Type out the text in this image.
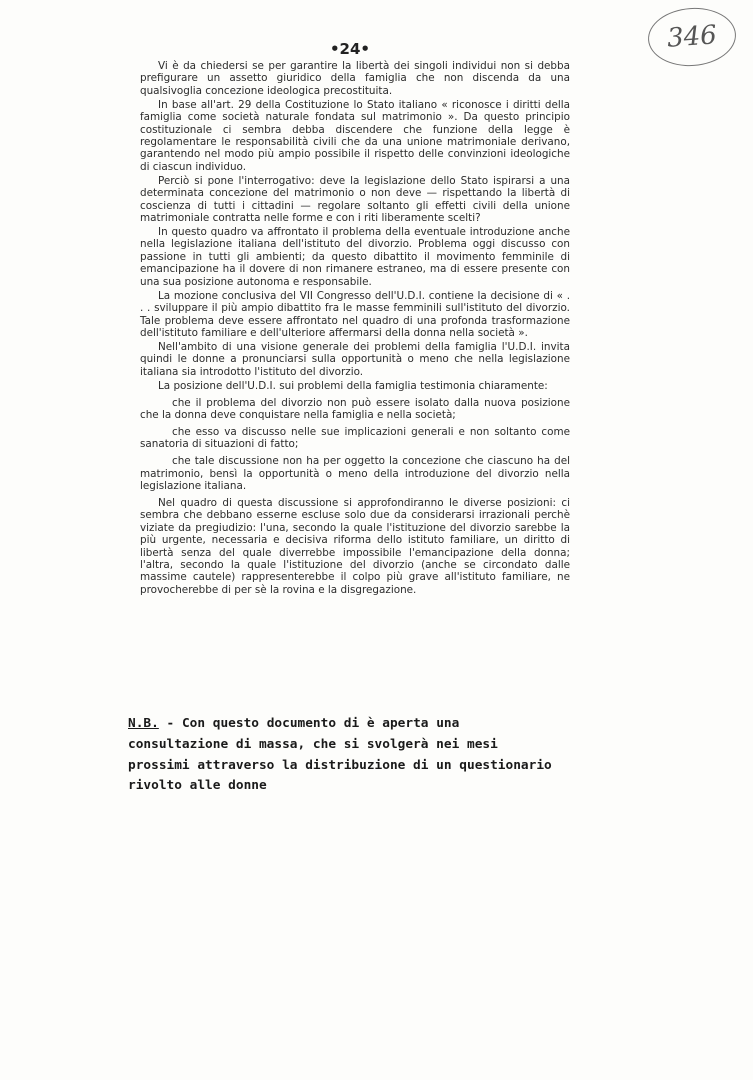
346
•24•

Vi è da chiedersi se per garantire la libertà dei singoli individui non si debba prefigurare un assetto giuridico della famiglia che non discenda da una qualsivoglia concezione ideologica precostituita.

In base all'art. 29 della Costituzione lo Stato italiano « riconosce i diritti della famiglia come società naturale fondata sul matrimonio ». Da questo principio costituzionale ci sembra debba discendere che funzione della legge è regolamentare le responsabilità civili che da una unione matrimoniale derivano, garantendo nel modo più ampio possibile il rispetto delle convinzioni ideologiche di ciascun individuo.

Perciò si pone l'interrogativo: deve la legislazione dello Stato ispirarsi a una determinata concezione del matrimonio o non deve — rispettando la libertà di coscienza di tutti i cittadini — regolare soltanto gli effetti civili della unione matrimoniale contratta nelle forme e con i riti liberamente scelti?

In questo quadro va affrontato il problema della eventuale introduzione anche nella legislazione italiana dell'istituto del divorzio. Problema oggi discusso con passione in tutti gli ambienti; da questo dibattito il movimento femminile di emancipazione ha il dovere di non rimanere estraneo, ma di essere presente con una sua posizione autonoma e responsabile.

La mozione conclusiva del VII Congresso dell'U.D.I. contiene la decisione di « . . . sviluppare il più ampio dibattito fra le masse femminili sull'istituto del divorzio. Tale problema deve essere affrontato nel quadro di una profonda trasformazione dell'istituto familiare e dell'ulteriore affermarsi della donna nella società ».

Nell'ambito di una visione generale dei problemi della famiglia l'U.D.I. invita quindi le donne a pronunciarsi sulla opportunità o meno che nella legislazione italiana sia introdotto l'istituto del divorzio.

La posizione dell'U.D.I. sui problemi della famiglia testimonia chiaramente:

che il problema del divorzio non può essere isolato dalla nuova posizione che la donna deve conquistare nella famiglia e nella società;

che esso va discusso nelle sue implicazioni generali e non soltanto come sanatoria di situazioni di fatto;

che tale discussione non ha per oggetto la concezione che ciascuno ha del matrimonio, bensì la opportunità o meno della introduzione del divorzio nella legislazione italiana.

Nel quadro di questa discussione si approfondiranno le diverse posizioni: ci sembra che debbano esserne escluse solo due da considerarsi irrazionali perchè viziate da pregiudizio: l'una, secondo la quale l'istituzione del divorzio sarebbe la più urgente, necessaria e decisiva riforma dello istituto familiare, un diritto di libertà senza del quale diverrebbe impossibile l'emancipazione della donna; l'altra, secondo la quale l'istituzione del divorzio (anche se circondato dalle massime cautele) rappresenterebbe il colpo più grave all'istituto familiare, ne provocherebbe di per sè la rovina e la disgregazione.

N.B. - Con questo documento di è aperta una consultazione di massa, che si svolgerà nei mesi prossimi attraverso la distribuzione di un questionario rivolto alle donne
